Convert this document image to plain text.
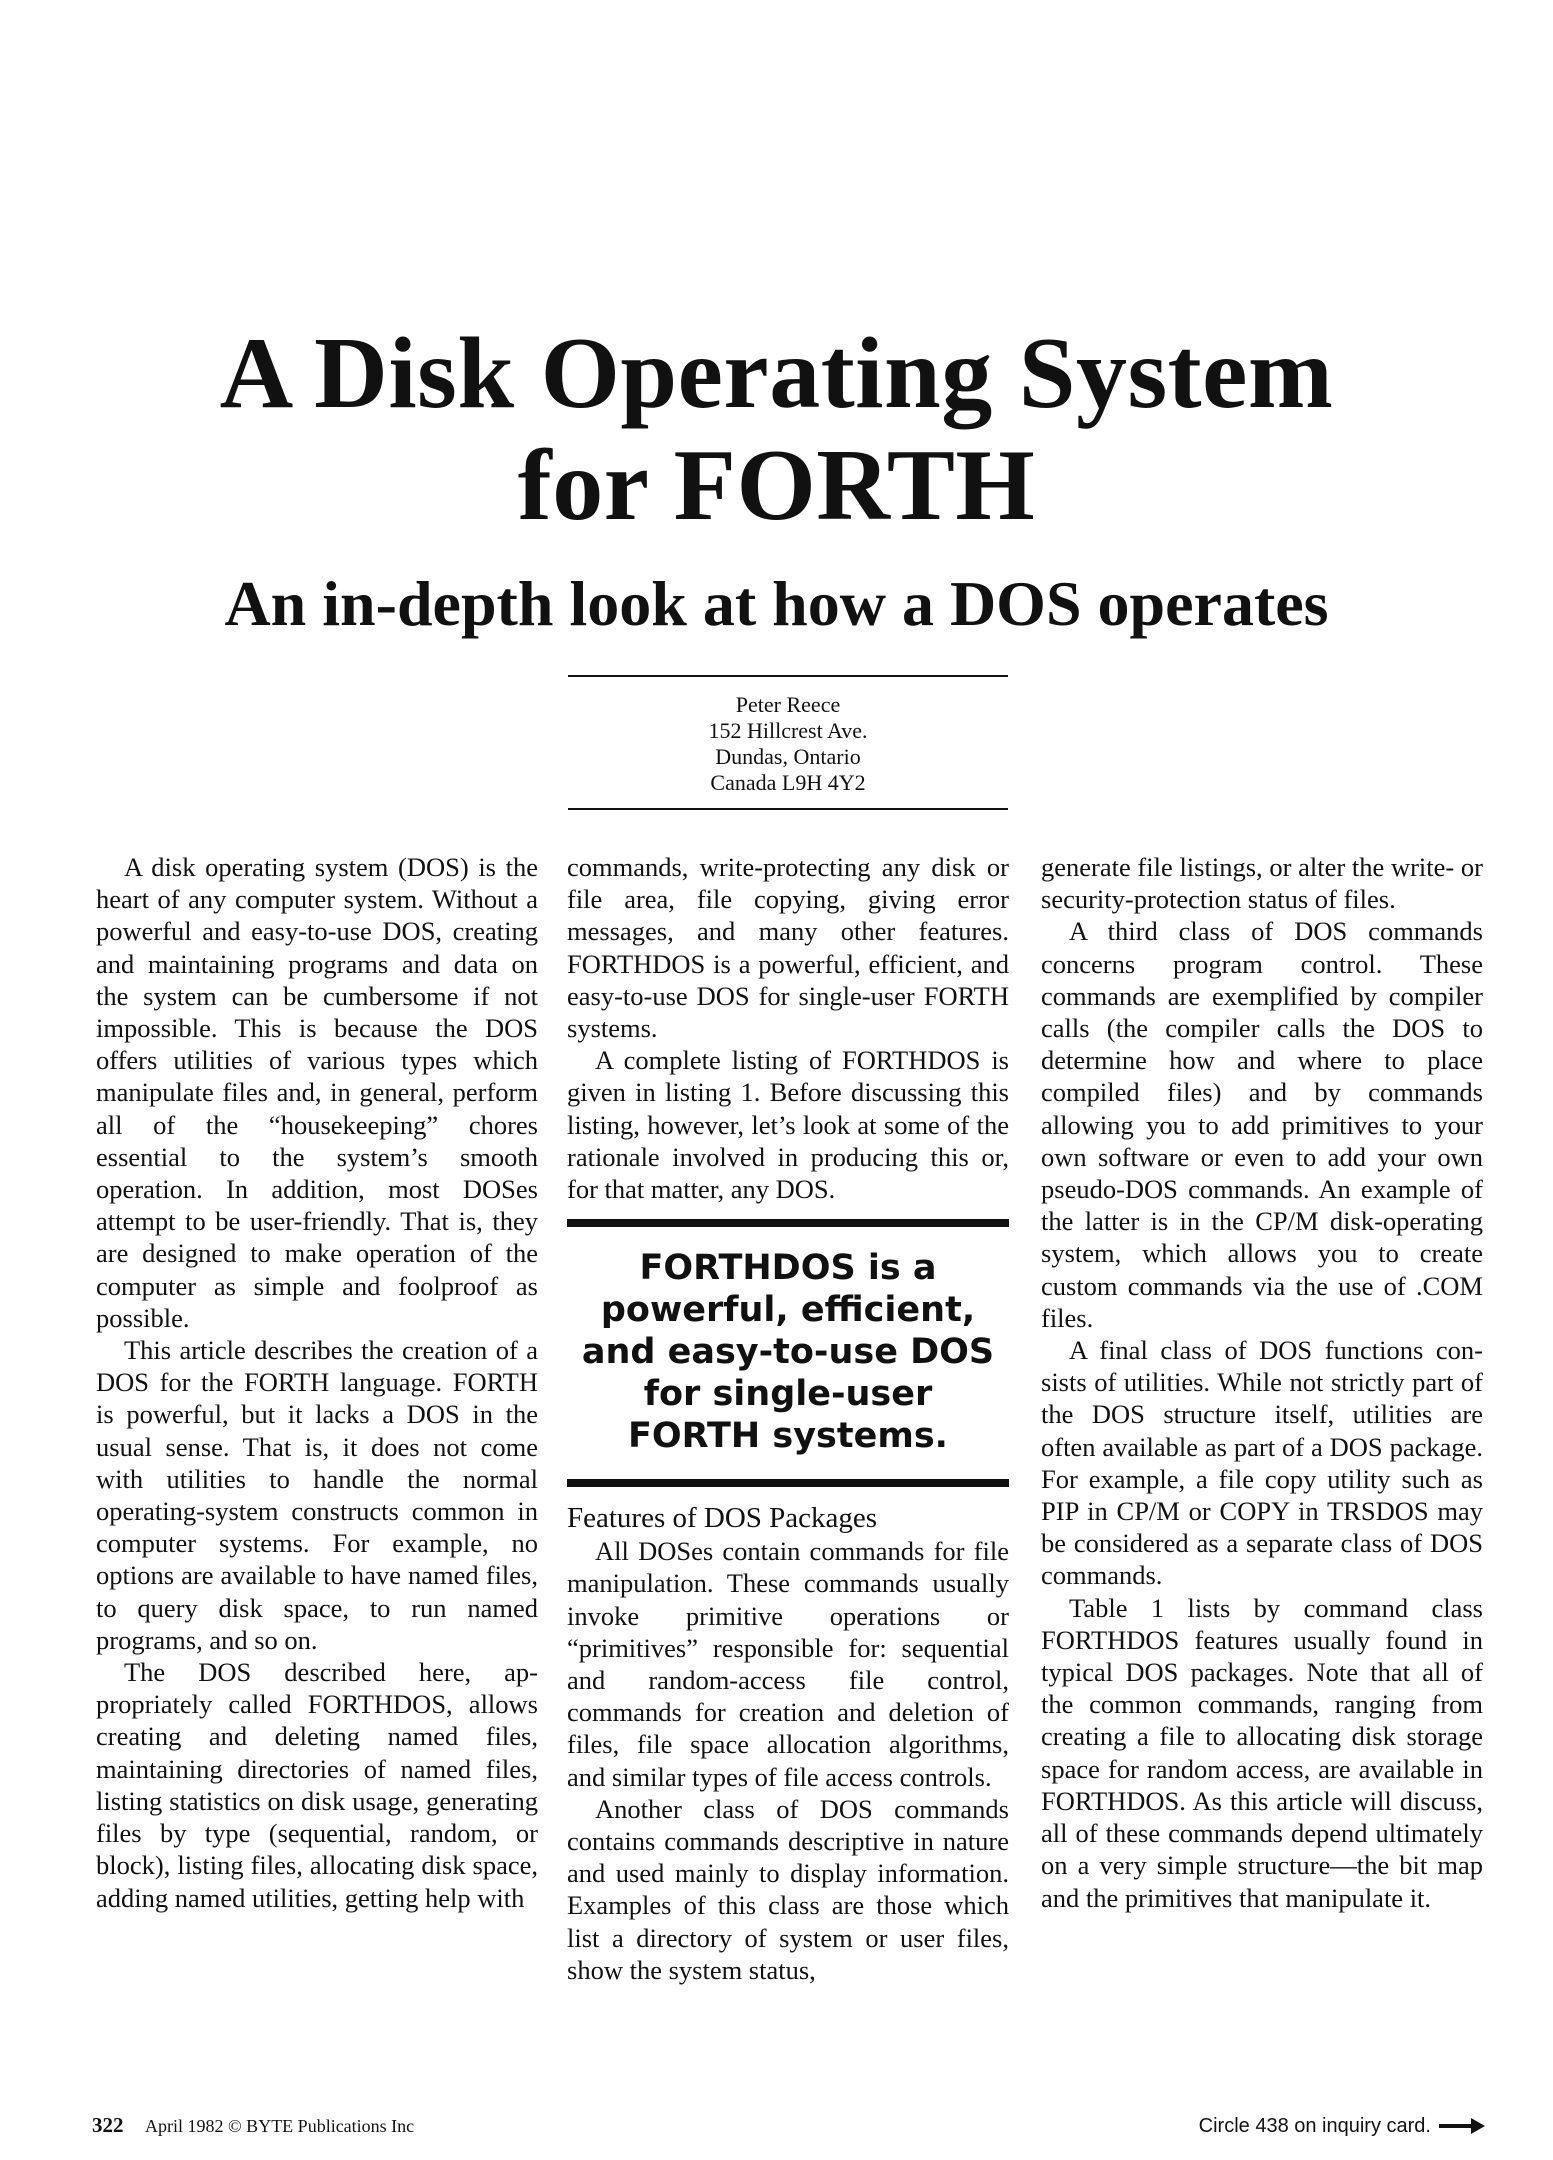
A Disk Operating System
for FORTH
An in-depth look at how a DOS operates
Peter Reece
152 Hillcrest Ave.
Dundas, Ontario
Canada L9H 4Y2

A disk operating system (DOS) is the heart of any computer system. Without a powerful and easy-to-use DOS, creating and maintaining programs and data on the system can be cumbersome if not impossible. This is because the DOS offers utilities of various types which manipulate files and, in general, perform all of the “housekeeping” chores essential to the system’s smooth operation. In addition, most DOSes attempt to be user-friendly. That is, they are designed to make operation of the computer as simple and foolproof as possible.

This article describes the creation of a DOS for the FORTH language. FORTH is powerful, but it lacks a DOS in the usual sense. That is, it does not come with utilities to handle the normal operating-system constructs common in computer systems. For example, no options are available to have named files, to query disk space, to run named programs, and so on.

The DOS described here, appropriately called FORTHDOS, allows creating and deleting named files, maintaining directories of named files, listing statistics on disk usage, generating files by type (sequential, random, or block), listing files, allocating disk space, adding named utilities, getting help with

commands, write-protecting any disk or file area, file copying, giving error messages, and many other features. FORTHDOS is a powerful, efficient, and easy-to-use DOS for single-user FORTH systems.

A complete listing of FORTHDOS is given in listing 1. Before discussing this listing, however, let’s look at some of the rationale involved in producing this or, for that matter, any DOS.

FORTHDOS is a
powerful, efficient,
and easy-to-use DOS
for single-user
FORTH systems.
Features of DOS Packages

All DOSes contain commands for file manipulation. These commands usually invoke primitive operations or “primitives” responsible for: sequential and random-access file control, commands for creation and deletion of files, file space allocation algorithms, and similar types of file access controls.

Another class of DOS commands contains commands descriptive in nature and used mainly to display information. Examples of this class are those which list a directory of system or user files, show the system status,

generate file listings, or alter the write- or security-protection status of files.

A third class of DOS commands concerns program control. These commands are exemplified by compiler calls (the compiler calls the DOS to determine how and where to place compiled files) and by commands allowing you to add primitives to your own software or even to add your own pseudo-DOS commands. An example of the latter is in the CP/M disk-operating system, which allows you to create custom commands via the use of .COM files.

A final class of DOS functions consists of utilities. While not strictly part of the DOS structure itself, utilities are often available as part of a DOS package. For example, a file copy utility such as PIP in CP/M or COPY in TRSDOS may be considered as a separate class of DOS commands.

Table 1 lists by command class FORTHDOS features usually found in typical DOS packages. Note that all of the common commands, ranging from creating a file to allocating disk storage space for random access, are available in FORTHDOS. As this article will discuss, all of these commands depend ultimately on a very simple structure—the bit map and the primitives that manipulate it.

322 April 1982 © BYTE Publications Inc	Circle 438 on inquiry card.
